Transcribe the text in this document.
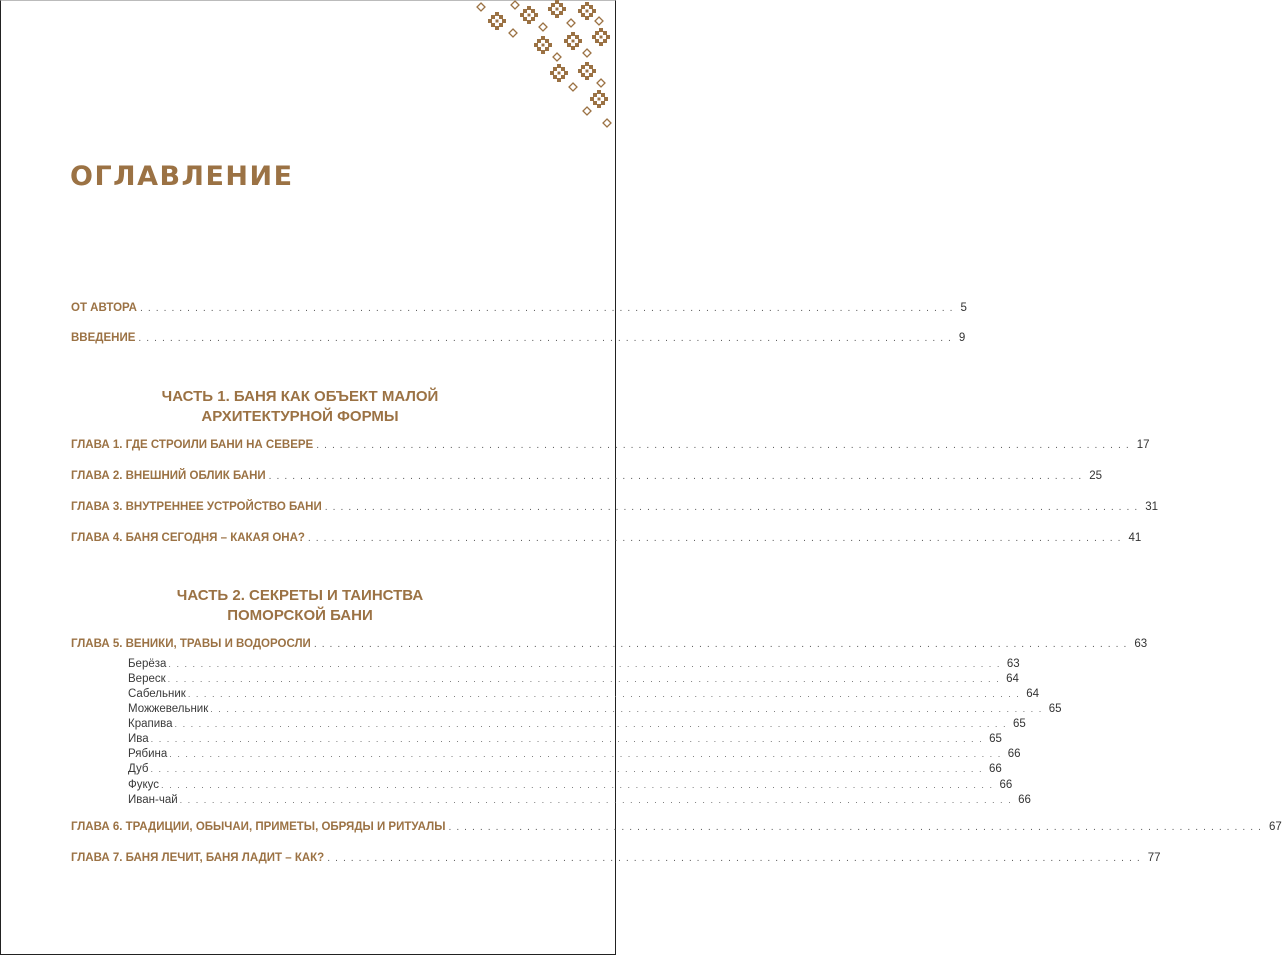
ОГЛАВЛЕНИЕ
ОТ АВТОРА ........................................................................................................ 5
ВВЕДЕНИЕ ........................................................................................................ 9
ЧАСТЬ 1. БАНЯ КАК ОБЪЕКТ МАЛОЙ
АРХИТЕКТУРНОЙ ФОРМЫ
ГЛАВА 1. ГДЕ СТРОИЛИ БАНИ НА СЕВЕРЕ ........................................................................................................ 17
ГЛАВА 2. ВНЕШНИЙ ОБЛИК БАНИ ........................................................................................................ 25
ГЛАВА 3. ВНУТРЕННЕЕ УСТРОЙСТВО БАНИ ........................................................................................................ 31
ГЛАВА 4. БАНЯ СЕГОДНЯ – КАКАЯ ОНА? ........................................................................................................ 41
ЧАСТЬ 2. СЕКРЕТЫ И ТАИНСТВА
ПОМОРСКОЙ БАНИ
ГЛАВА 5. ВЕНИКИ, ТРАВЫ И ВОДОРОСЛИ ........................................................................................................ 63
Берёза ........................................................................................................ 63
Вереск ........................................................................................................ 64
Сабельник ........................................................................................................ 64
Можжевельник ........................................................................................................ 65
Крапива ........................................................................................................ 65
Ива ........................................................................................................ 65
Рябина ........................................................................................................ 66
Дуб ........................................................................................................ 66
Фукус ........................................................................................................ 66
Иван-чай ........................................................................................................ 66
ГЛАВА 6. ТРАДИЦИИ, ОБЫЧАИ, ПРИМЕТЫ, ОБРЯДЫ И РИТУАЛЫ ........................................................................................................ 67
ГЛАВА 7. БАНЯ ЛЕЧИТ, БАНЯ ЛАДИТ – КАК? ........................................................................................................ 77
